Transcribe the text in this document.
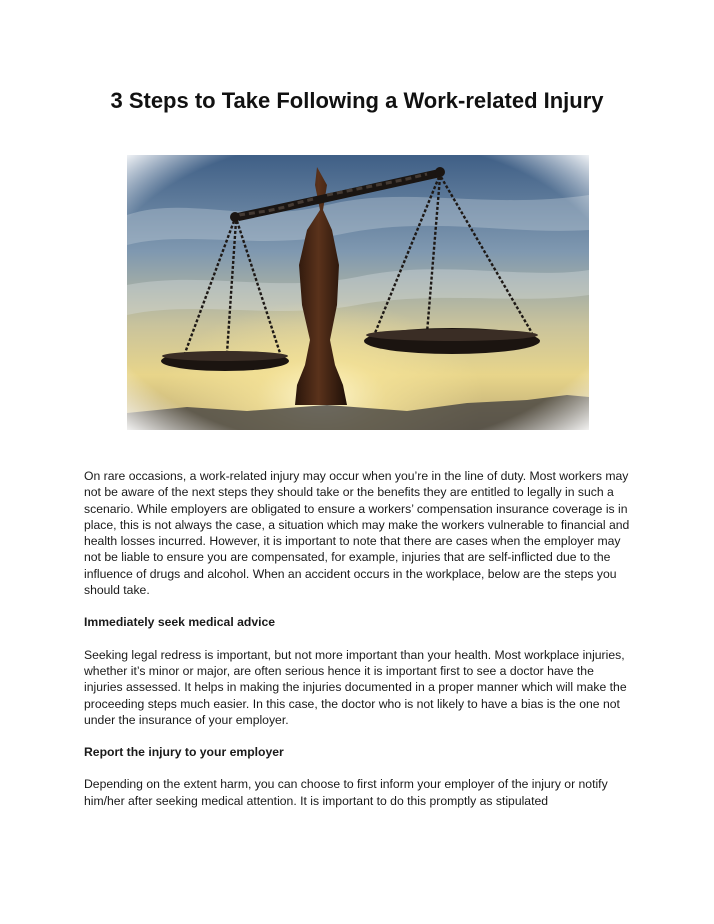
3 Steps to Take Following a Work-related Injury

On rare occasions, a work-related injury may occur when you’re in the line of duty. Most workers may not be aware of the next steps they should take or the benefits they are entitled to legally in such a scenario. While employers are obligated to ensure a workers’ compensation insurance coverage is in place, this is not always the case, a situation which may make the workers vulnerable to financial and health losses incurred. However, it is important to note that there are cases when the employer may not be liable to ensure you are compensated, for example, injuries that are self-inflicted due to the influence of drugs and alcohol. When an accident occurs in the workplace, below are the steps you should take.

Immediately seek medical advice

Seeking legal redress is important, but not more important than your health. Most workplace injuries, whether it’s minor or major, are often serious hence it is important first to see a doctor have the injuries assessed. It helps in making the injuries documented in a proper manner which will make the proceeding steps much easier. In this case, the doctor who is not likely to have a bias is the one not under the insurance of your employer.

Report the injury to your employer

Depending on the extent harm, you can choose to first inform your employer of the injury or notify him/her after seeking medical attention. It is important to do this promptly as stipulated
